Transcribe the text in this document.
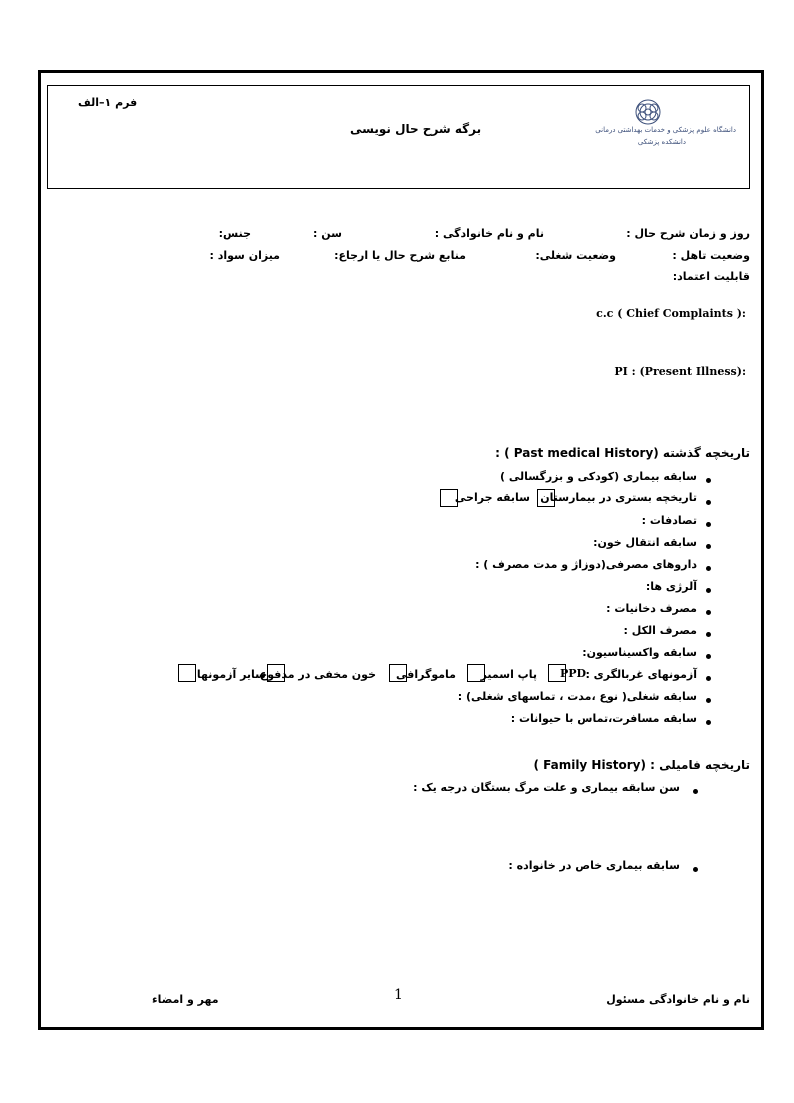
فرم ۱–الف
برگه شرح حال نویسی	دانشگاه علوم پزشکی و خدمات بهداشتی درمانی
دانشکده پزشکی
روز و زمان شرح حال :
نام و نام خانوادگی :
سن :
جنس:
وضعیت تاهل :
وضعیت شغلی:
منابع شرح حال یا ارجاع:
میزان سواد :
قابلیت اعتماد:
c.c ( Chief Complaints ):
PI : (Present Illness):
تاریخچه گذشته (Past medical History ) :
سابقه بیماری (کودکی و بزرگسالی )
تاریخچه بستری در بیمارستان
سابقه جراحی
تصادفات :
سابقه انتقال خون:
داروهای مصرفی(دوزاژ و مدت مصرف ) :
آلرژی ها:
مصرف دخانیات :
مصرف الکل :
سابقه واکسیناسیون:
آزمونهای غربالگری :
PPD
پاپ اسمیر
ماموگرافی
خون مخفی در مدفوع
سایر آزمونها
سابقه شغلی( نوع ،مدت ، تماسهای شغلی) :
سابقه مسافرت،تماس با حیوانات :
تاریخچه فامیلی : (Family History )
سن سابقه بیماری و علت مرگ بستگان درجه یک :
سابقه بیماری خاص در خانواده :
نام و نام خانوادگی مسئول
1
مهر و امضاء
